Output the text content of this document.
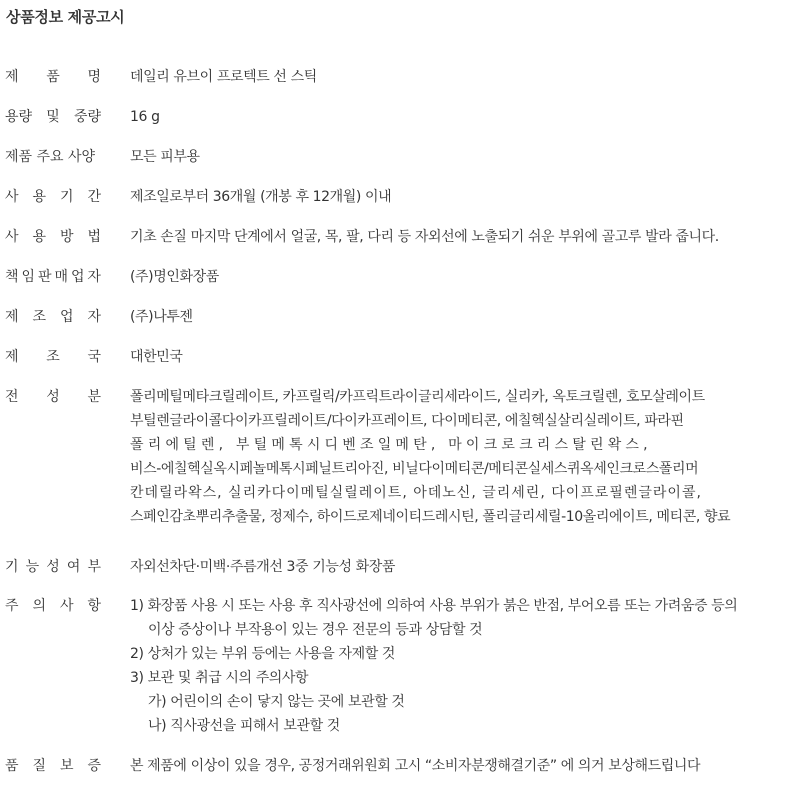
상품정보 제공고시
제 품 명 데일리 유브이 프로텍트 선 스틱
용량 및 중량 16 g
제품 주요 사양	모든 피부용
사 용 기 간 제조일로부터 36개월 (개봉 후 12개월) 이내
사 용 방 법 기초 손질 마지막 단계에서 얼굴, 목, 팔, 다리 등 자외선에 노출되기 쉬운 부위에 골고루 발라 줍니다.
책 임 판 매 업 자 (주)명인화장품
제 조 업 자 (주)나투젠
제 조 국 대한민국
전 성 분 폴리메틸메타크릴레이트, 카프릴릭/카프릭트라이글리세라이드, 실리카, 옥토크릴렌, 호모살레이트
부틸렌글라이콜다이카프릴레이트/다이카프레이트, 다이메티콘, 에칠헥실살리실레이트, 파라핀
폴리에틸렌, 부틸메톡시디벤조일메탄, 마이크로크리스탈린왁스,
비스-에칠헥실옥시페놀메톡시페닐트리아진, 비닐다이메티콘/메티콘실세스퀴옥세인크로스폴리머
칸데릴라왁스, 실리카다이메틸실릴레이트, 아데노신, 글리세린, 다이프로필렌글라이콜,
스페인감초뿌리추출물, 정제수, 하이드로제네이티드레시틴, 폴리글리세릴-10올리에이트, 메티콘, 향료
기 능 성 여 부 자외선차단·미백·주름개선 3중 기능성 화장품
주 의 사 항 1) 화장품 사용 시 또는 사용 후 직사광선에 의하여 사용 부위가 붉은 반점, 부어오름 또는 가려움증 등의
이상 증상이나 부작용이 있는 경우 전문의 등과 상담할 것
2) 상처가 있는 부위 등에는 사용을 자제할 것
3) 보관 및 취급 시의 주의사항
가) 어린이의 손이 닿지 않는 곳에 보관할 것
나) 직사광선을 피해서 보관할 것
품 질 보 증 본 제품에 이상이 있을 경우, 공정거래위원회 고시 “소비자분쟁해결기준” 에 의거 보상해드립니다
